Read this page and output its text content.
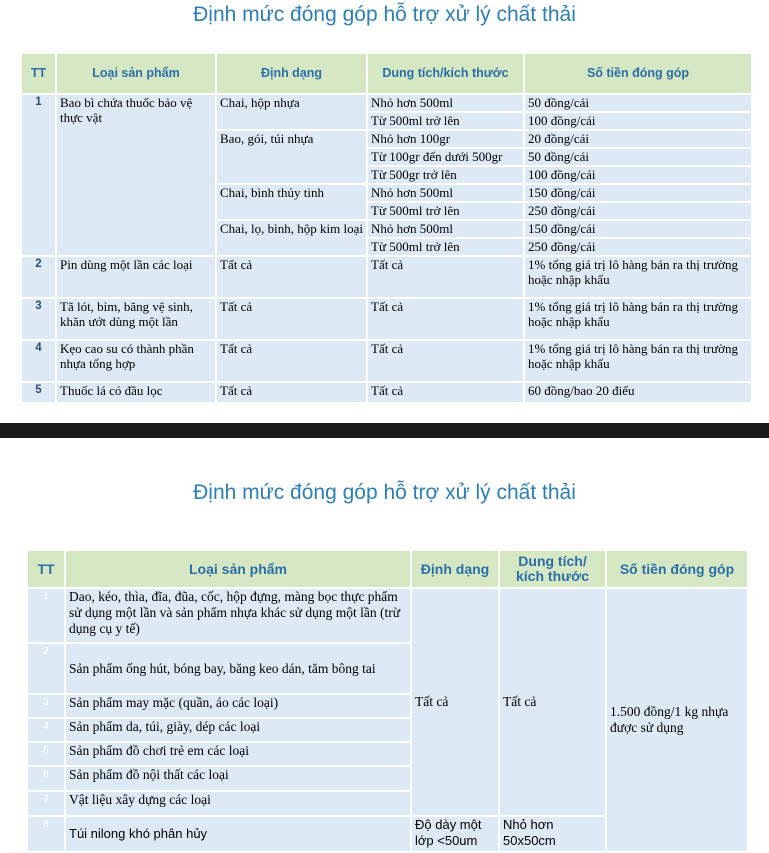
Định mức đóng góp hỗ trợ xử lý chất thải
TT	Loại sản phẩm	Định dạng	Dung tích/kích thước	Số tiền đóng góp
1	Bao bì chứa thuốc bảo vệ thực vật	Chai, hộp nhựa	Nhỏ hơn 500ml	50 đồng/cái
			Từ 500ml trở lên	100 đồng/cái
		Bao, gói, túi nhựa	Nhỏ hơn 100gr	20 đồng/cái
			Từ 100gr đến dưới 500gr	50 đồng/cái
			Từ 500gr trở lên	100 đồng/cái
		Chai, bình thủy tinh	Nhỏ hơn 500ml	150 đồng/cái
			Từ 500ml trở lên	250 đồng/cái
		Chai, lọ, bình, hộp kim loại	Nhỏ hơn 500ml	150 đồng/cái
			Từ 500ml trở lên	250 đồng/cái
2	Pin dùng một lần các loại	Tất cả	Tất cả	1% tổng giá trị lô hàng bán ra thị trường hoặc nhập khẩu
3	Tã lót, bỉm, băng vệ sinh, khăn ướt dùng một lần	Tất cả	Tất cả	1% tổng giá trị lô hàng bán ra thị trường hoặc nhập khẩu
4	Kẹo cao su có thành phần nhựa tổng hợp	Tất cả	Tất cả	1% tổng giá trị lô hàng bán ra thị trường hoặc nhập khẩu
5	Thuốc lá có đầu lọc	Tất cả	Tất cả	60 đồng/bao 20 điếu
Định mức đóng góp hỗ trợ xử lý chất thải
TT	Loại sản phẩm	Định dạng	Dung tích/ kích thước	Số tiền đóng góp
1	Dao, kéo, thìa, đĩa, đũa, cốc, hộp đựng, màng bọc thực phẩm sử dụng một lần và sản phẩm nhựa khác sử dụng một lần (trừ dụng cụ y tế)	Tất cả	Tất cả	1.500 đồng/1 kg nhựa được sử dụng
2	Sản phẩm ống hút, bóng bay, băng keo dán, tăm bông tai			
3	Sản phẩm may mặc (quần, áo các loại)			
4	Sản phẩm da, túi, giày, dép các loại			
5	Sản phẩm đồ chơi trẻ em các loại			
6	Sản phẩm đồ nội thất các loại			
7	Vật liệu xây dựng các loại			
8	Túi nilong khó phân hủy	Độ dày một lớp <50um	Nhỏ hơn 50x50cm	
